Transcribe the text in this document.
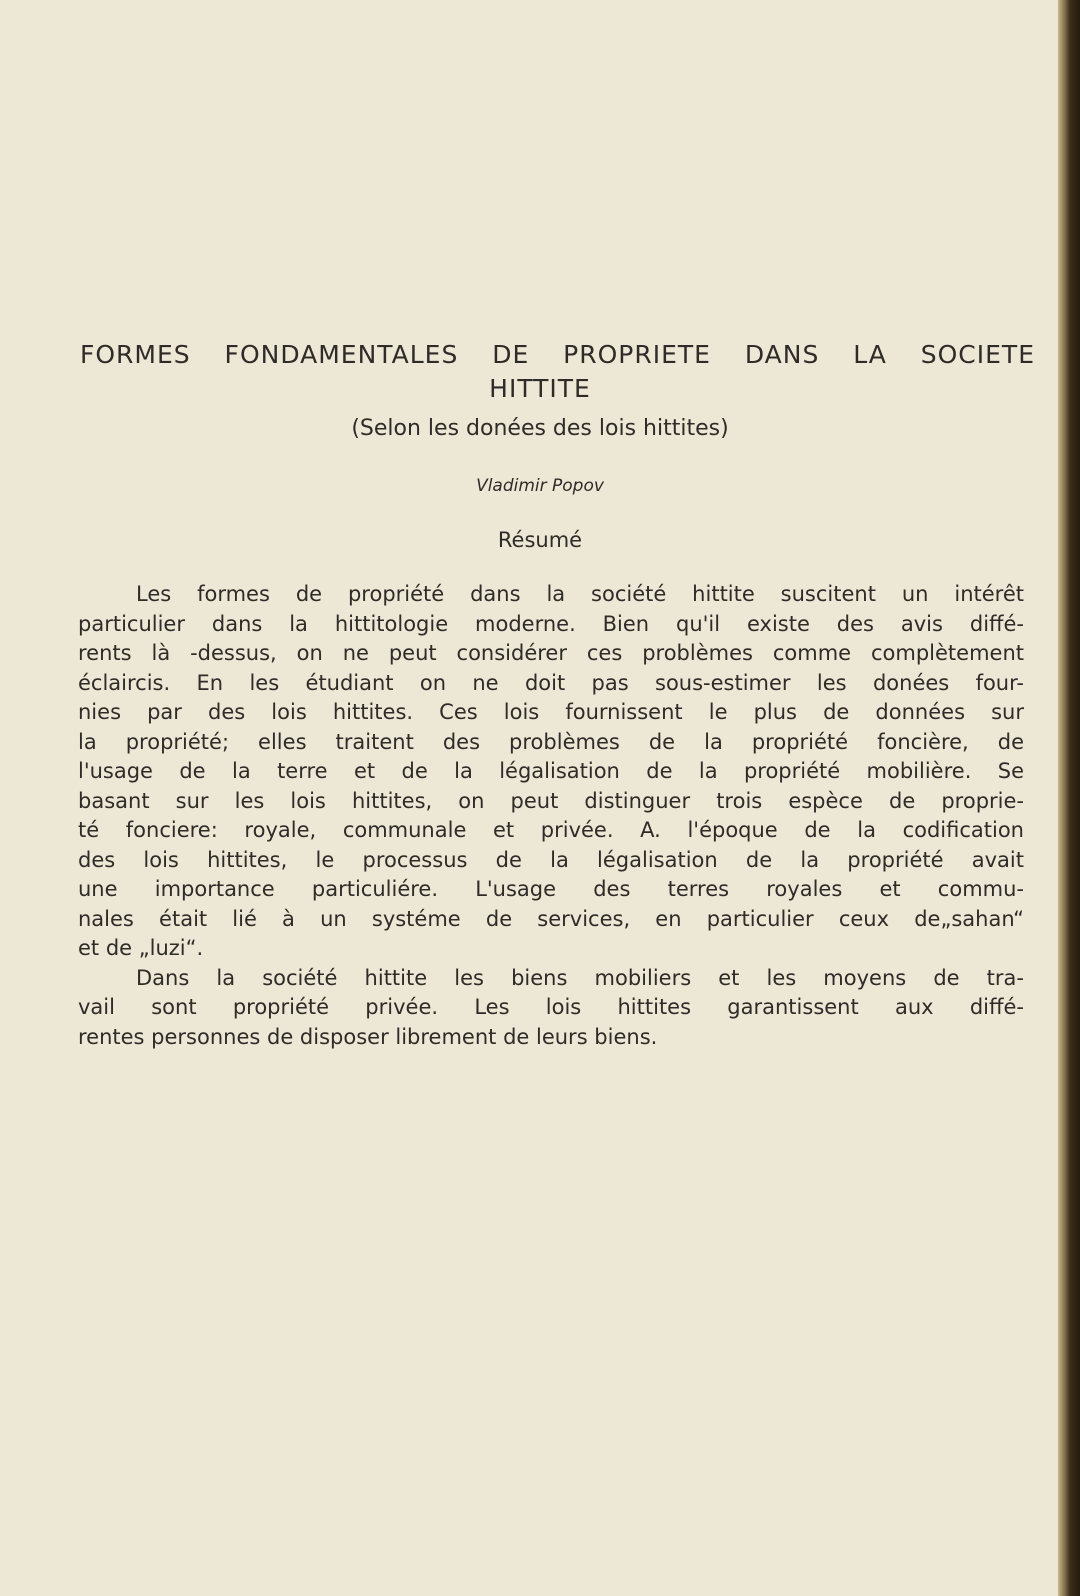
FORMES FONDAMENTALES DE PROPRIETE DANS LA SOCIETE
HITTITE
(Selon les donées des lois hittites)
Vladimir Popov
Résumé
Les formes de propriété dans la société hittite suscitent un intérêt
particulier dans la hittitologie moderne. Bien qu'il existe des avis diffé-
rents là -dessus, on ne peut considérer ces problèmes comme complètement
éclaircis. En les étudiant on ne doit pas sous-estimer les donées four-
nies par des lois hittites. Ces lois fournissent le plus de données sur
la propriété; elles traitent des problèmes de la propriété foncière, de
l'usage de la terre et de la légalisation de la propriété mobilière. Se
basant sur les lois hittites, on peut distinguer trois espèce de proprie-
té fonciere: royale, communale et privée. A. l'époque de la codification
des lois hittites, le processus de la légalisation de la propriété avait
une importance particuliére. L'usage des terres royales et commu-
nales était lié à un systéme de services, en particulier ceux de„sahan“
et de „luzi“.
Dans la société hittite les biens mobiliers et les moyens de tra-
vail sont propriété privée. Les lois hittites garantissent aux diffé-
rentes personnes de disposer librement de leurs biens.
